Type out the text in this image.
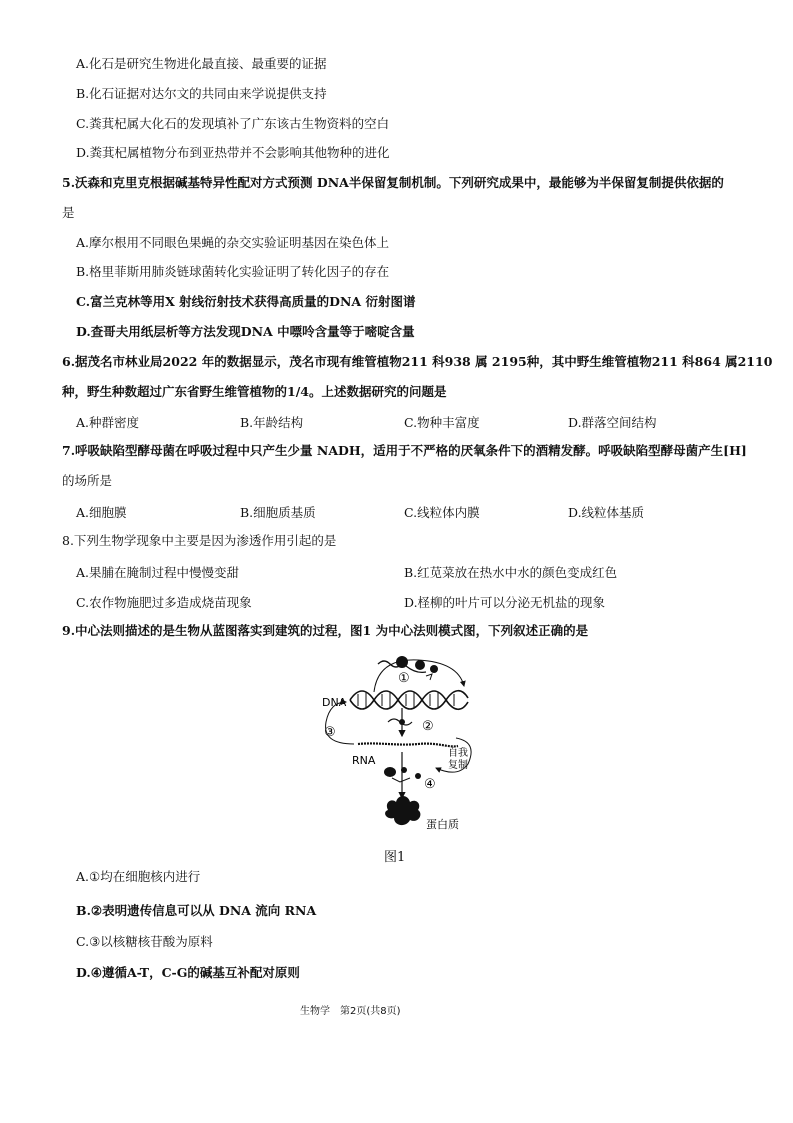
A.化石是研究生物进化最直接、最重要的证据
B.化石证据对达尔文的共同由来学说提供支持
C.粪萁杞属大化石的发现填补了广东该古生物资料的空白
D.粪萁杞属植物分布到亚热带并不会影响其他物种的进化
5.沃森和克里克根据碱基特异性配对方式预测 DNA半保留复制机制。下列研究成果中，最能够为半保留复制提供依据的
是
A.摩尔根用不同眼色果蝇的杂交实验证明基因在染色体上
B.格里菲斯用肺炎链球菌转化实验证明了转化因子的存在
C.富兰克林等用X 射线衍射技术获得高质量的DNA 衍射图谱
D.查哥夫用纸层析等方法发现DNA 中嘌呤含量等于嘧啶含量
6.据茂名市林业局2022 年的数据显示，茂名市现有维管植物211 科938 属 2195种，其中野生维管植物211 科864 属2110
种，野生种数超过广东省野生维管植物的1/4。上述数据研究的问题是
A.种群密度	B.年龄结构	C.物种丰富度	D.群落空间结构
7.呼吸缺陷型酵母菌在呼吸过程中只产生少量 NADH，适用于不严格的厌氧条件下的酒精发酵。呼吸缺陷型酵母菌产生[H]
的场所是
A.细胞膜	B.细胞质基质	C.线粒体内膜	D.线粒体基质
8.下列生物学现象中主要是因为渗透作用引起的是
A.果脯在腌制过程中慢慢变甜	B.红苋菜放在热水中水的颜色变成红色
C.农作物施肥过多造成烧苗现象	D.柽柳的叶片可以分泌无机盐的现象
9.中心法则描述的是生物从蓝图落实到建筑的过程，图1 为中心法则模式图，下列叙述正确的是
①
DNA
②
③
RNA
自我
复制
④
蛋白质
图1
A.①均在细胞核内进行
B.②表明遗传信息可以从 DNA 流向 RNA
C.③以核糖核苷酸为原料
D.④遵循A-T，C-G的碱基互补配对原则
生物学　第2页(共8页)
